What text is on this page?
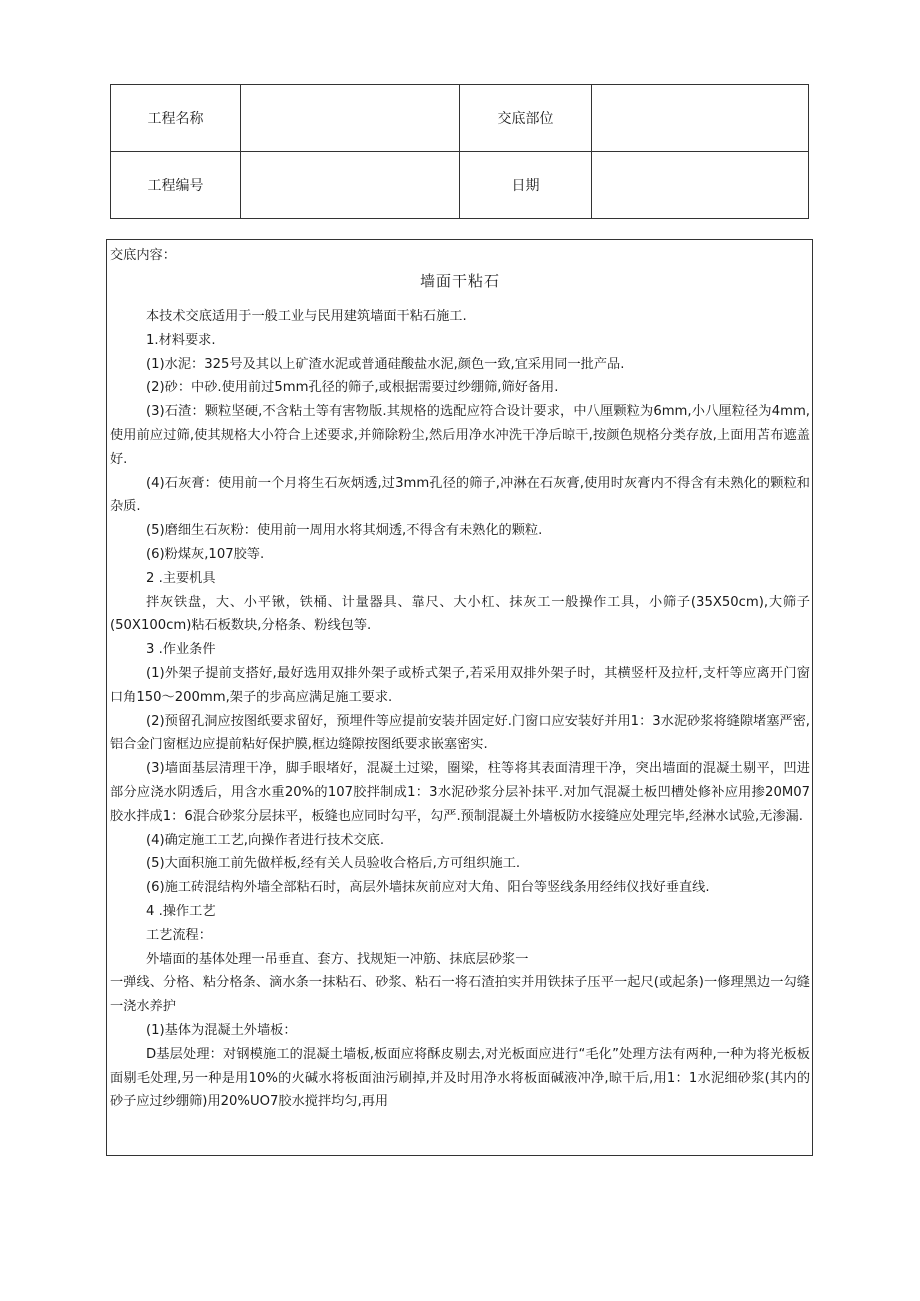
工程名称		交底部位	
工程编号		日期	
交底内容：
墙面干粘石

本技术交底适用于一般工业与民用建筑墙面干粘石施工.

1.材料要求.

(1)水泥：325号及其以上矿渣水泥或普通硅酸盐水泥,颜色一致,宜采用同一批产品.

(2)砂：中砂.使用前过5mm孔径的筛子,或根据需要过纱绷筛,筛好备用.

(3)石渣：颗粒坚硬,不含粘土等有害物版.其规格的选配应符合设计要求，中八厘颗粒为6mm,小八厘粒径为4mm,使用前应过筛,使其规格大小符合上述要求,并筛除粉尘,然后用净水冲洗干净后晾干,按颜色规格分类存放,上面用苫布遮盖好.

(4)石灰膏：使用前一个月将生石灰炳透,过3mm孔径的筛子,冲淋在石灰膏,使用时灰膏内不得含有未熟化的颗粒和杂质.

(5)磨细生石灰粉：使用前一周用水将其炯透,不得含有未熟化的颗粒.

(6)粉煤灰,107胶等.

2 .主要机具

拌灰铁盘，大、小平锹，铁桶、计量器具、靠尺、大小杠、抹灰工一般操作工具，小筛子(35X50cm),大筛子(50X100cm)粘石板数块,分格条、粉线包等.

3 .作业条件

(1)外架子提前支搭好,最好选用双排外架子或桥式架子,若采用双排外架子时，其横竖杆及拉杆,支杆等应离开门窗口角150～200mm,架子的步高应满足施工要求.

(2)预留孔洞应按图纸要求留好，预埋件等应提前安装并固定好.门窗口应安装好并用1：3水泥砂浆将缝隙堵塞严密,铝合金门窗框边应提前粘好保护膜,框边缝隙按图纸要求嵌塞密实.

(3)墙面基层清理干净，脚手眼堵好，混凝土过梁，圈梁，柱等将其表面清理干净，突出墙面的混凝土剔平，凹进部分应浇水阴透后，用含水重20%的107胶拌制成1：3水泥砂浆分层补抹平.对加气混凝土板凹槽处修补应用掺20M07胶水拌成1：6混合砂浆分层抹平，板缝也应同时勾平，勾严.预制混凝土外墙板防水接缝应处理完毕,经淋水试验,无渗漏.

(4)确定施工工艺,向操作者进行技术交底.

(5)大面积施工前先做样板,经有关人员验收合格后,方可组织施工.

(6)施工砖混结构外墙全部粘石时，高层外墙抹灰前应对大角、阳台等竖线条用经纬仪找好垂直线.

4 .操作工艺

工艺流程：

外墙面的基体处理一吊垂直、套方、找规矩一冲筋、抹底层砂浆一

一弹线、分格、粘分格条、滴水条一抹粘石、砂浆、粘石一将石渣拍实并用铁抹子压平一起尺(或起条)一修理黑边一勾缝一浇水养护

(1)基体为混凝土外墙板：

D基层处理：对钢模施工的混凝土墙板,板面应将酥皮剔去,对光板面应进行“毛化”处理方法有两种,一种为将光板板面剔毛处理,另一种是用10%的火碱水将板面油污刷掉,并及时用净水将板面碱液冲净,晾干后,用1：1水泥细砂浆(其内的砂子应过纱绷筛)用20%UO7胶水搅拌均匀,再用
